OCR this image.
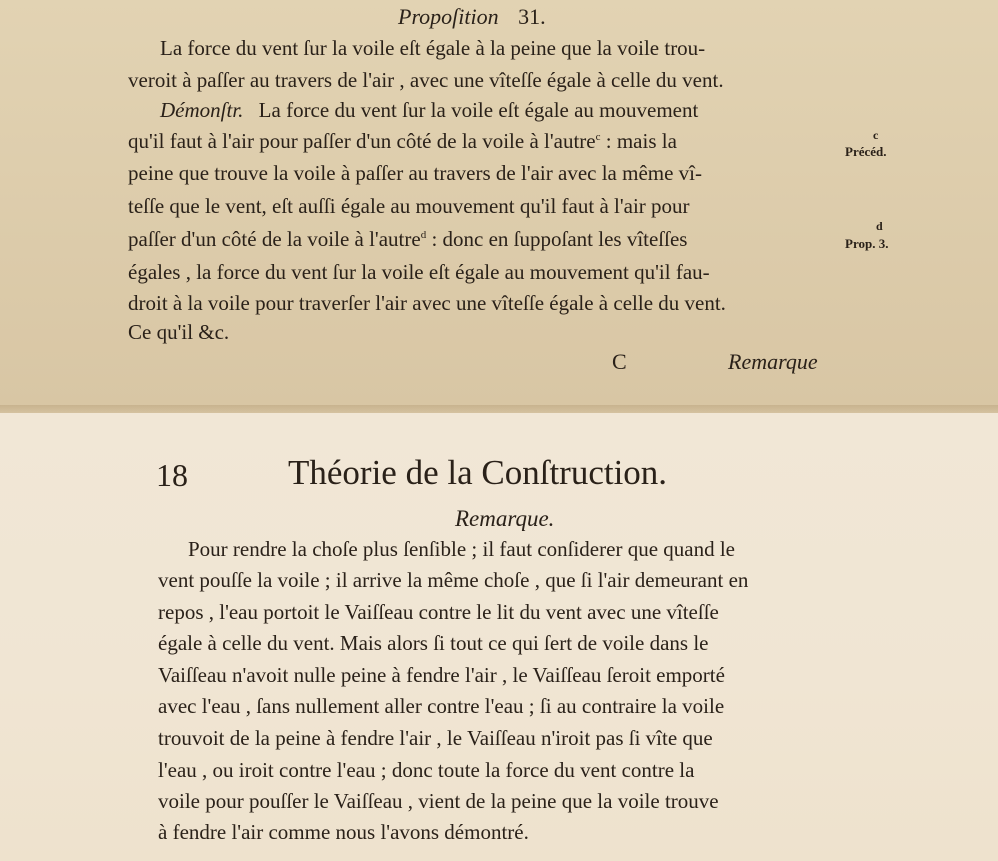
Propoſition 31.
La force du vent ſur la voile eſt égale à la peine que la voile trou-
veroit à paſſer au travers de l'air , avec une vîteſſe égale à celle du vent.
Démonſtr. La force du vent ſur la voile eſt égale au mouvement
qu'il faut à l'air pour paſſer d'un côté de la voile à l'autre$^c$ : mais la
peine que trouve la voile à paſſer au travers de l'air avec la même vî-
teſſe que le vent, eſt auſſi égale au mouvement qu'il faut à l'air pour
paſſer d'un côté de la voile à l'autre$^d$ : donc en ſuppoſant les vîteſſes
égales , la force du vent ſur la voile eſt égale au mouvement qu'il fau-
droit à la voile pour traverſer l'air avec une vîteſſe égale à celle du vent.
Ce qu'il &c.
c
Précéd.
d
Prop. 3.
C	Remarque
18	Théorie de la Conſtruction.
Remarque.
Pour rendre la choſe plus ſenſible ; il faut conſiderer que quand le
vent pouſſe la voile ; il arrive la même choſe , que ſi l'air demeurant en
repos , l'eau portoit le Vaiſſeau contre le lit du vent avec une vîteſſe
égale à celle du vent. Mais alors ſi tout ce qui ſert de voile dans le
Vaiſſeau n'avoit nulle peine à fendre l'air , le Vaiſſeau ſeroit emporté
avec l'eau , ſans nullement aller contre l'eau ; ſi au contraire la voile
trouvoit de la peine à fendre l'air , le Vaiſſeau n'iroit pas ſi vîte que
l'eau , ou iroit contre l'eau ; donc toute la force du vent contre la
voile pour pouſſer le Vaiſſeau , vient de la peine que la voile trouve
à fendre l'air comme nous l'avons démontré.
